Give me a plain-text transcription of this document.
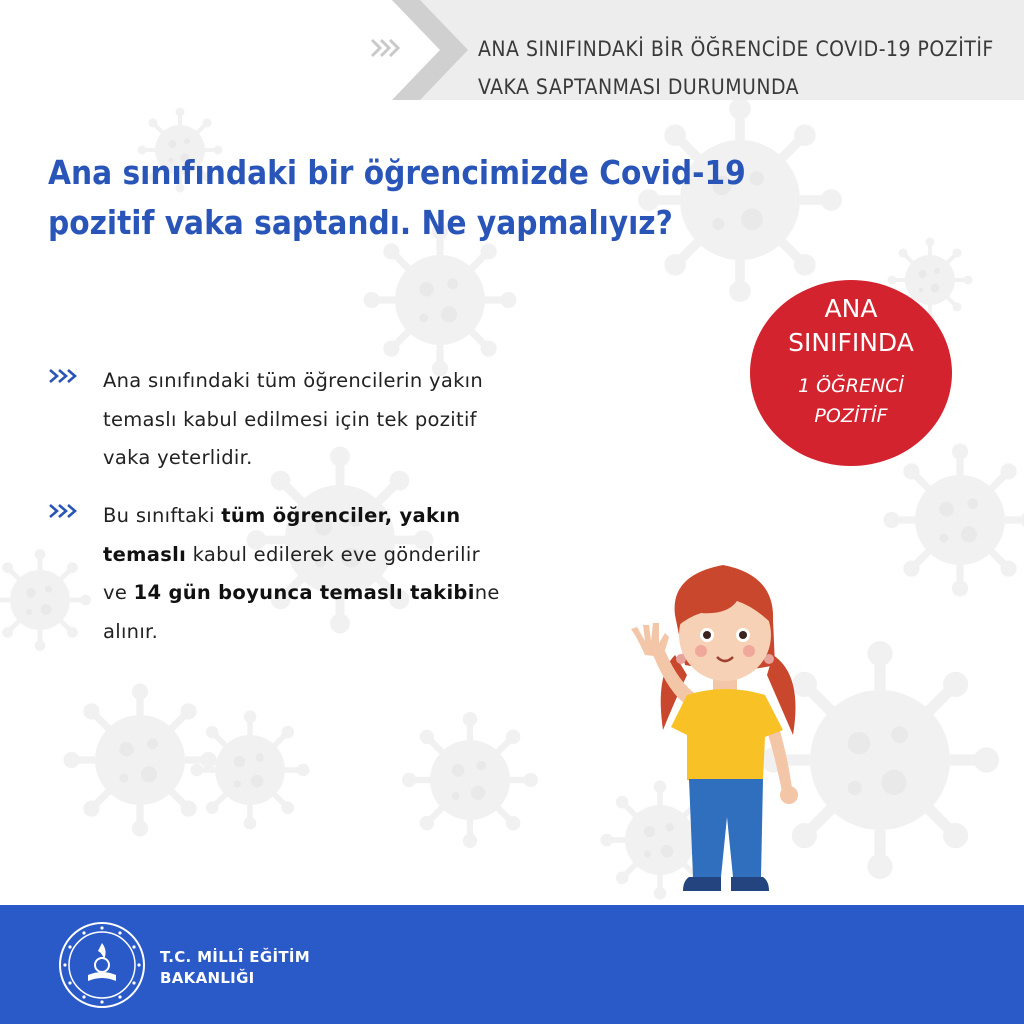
ANA SINIFINDAKİ BİR ÖĞRENCİDE COVID-19 POZİTİF
VAKA SAPTANMASI DURUMUNDA
Ana sınıfındaki bir öğrencimizde Covid-19
pozitif vaka saptandı. Ne yapmalıyız?
Ana sınıfındaki tüm öğrencilerin yakın
temaslı kabul edilmesi için tek pozitif
vaka yeterlidir.
Bu sınıftaki tüm öğrenciler, yakın
temaslı kabul edilerek eve gönderilir
ve 14 gün boyunca temaslı takibine
alınır.
ANA
SINIFINDA
1 ÖĞRENCİ
POZİTİF
T.C. MİLLÎ EĞİTİM
BAKANLIĞI
